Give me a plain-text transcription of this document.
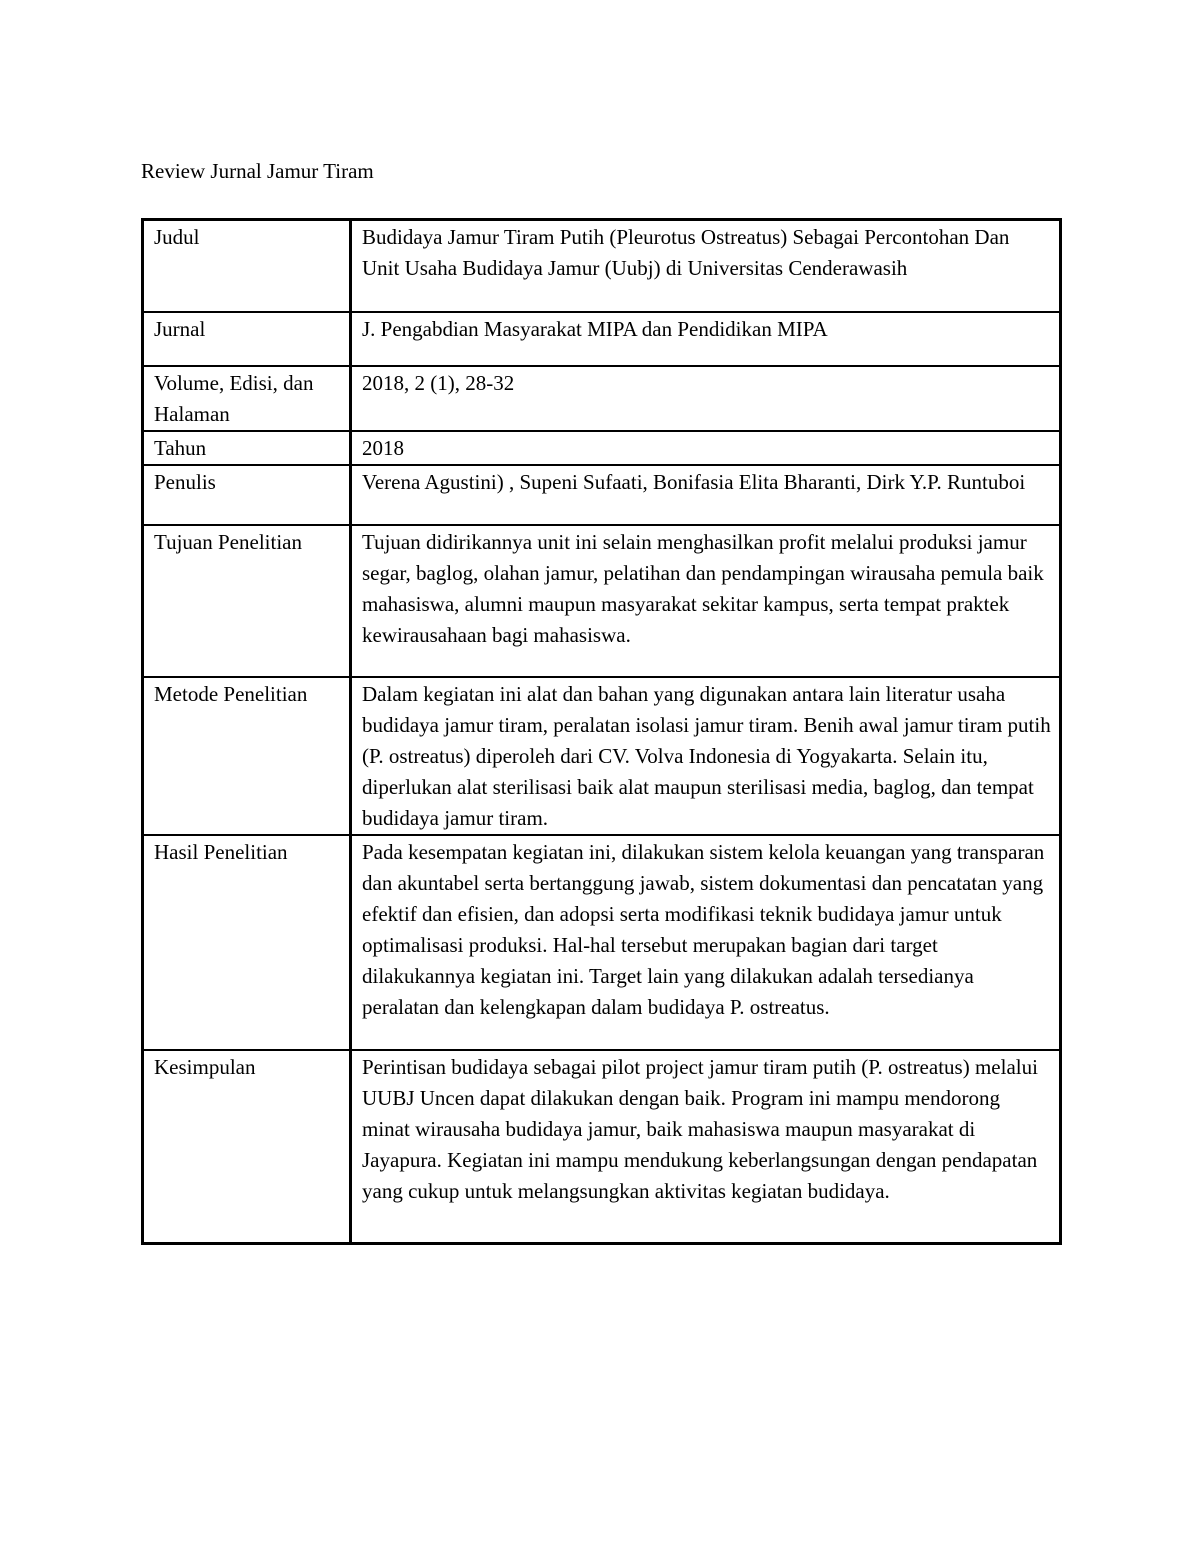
Review Jurnal Jamur Tiram
Judul	Budidaya Jamur Tiram Putih (Pleurotus Ostreatus) Sebagai Percontohan Dan Unit Usaha Budidaya Jamur (Uubj) di Universitas Cenderawasih

Jurnal	J. Pengabdian Masyarakat MIPA dan Pendidikan MIPA

Volume, Edisi, dan Halaman	2018, 2 (1), 28-32

Tahun	2018

Penulis	Verena Agustini) , Supeni Sufaati, Bonifasia Elita Bharanti, Dirk Y.P. Runtuboi

Tujuan Penelitian	Tujuan didirikannya unit ini selain menghasilkan profit melalui produksi jamur segar, baglog, olahan jamur, pelatihan dan pendampingan wirausaha pemula baik mahasiswa, alumni maupun masyarakat sekitar kampus, serta tempat praktek kewirausahaan bagi mahasiswa.

Metode Penelitian	Dalam kegiatan ini alat dan bahan yang digunakan antara lain literatur usaha budidaya jamur tiram, peralatan isolasi jamur tiram. Benih awal jamur tiram putih (P. ostreatus) diperoleh dari CV. Volva Indonesia di Yogyakarta. Selain itu, diperlukan alat sterilisasi baik alat maupun sterilisasi media, baglog, dan tempat budidaya jamur tiram.

Hasil Penelitian	Pada kesempatan kegiatan ini, dilakukan sistem kelola keuangan yang transparan dan akuntabel serta bertanggung jawab, sistem dokumentasi dan pencatatan yang efektif dan efisien, dan adopsi serta modifikasi teknik budidaya jamur untuk optimalisasi produksi. Hal-hal tersebut merupakan bagian dari target dilakukannya kegiatan ini. Target lain yang dilakukan adalah tersedianya peralatan dan kelengkapan dalam budidaya P. ostreatus.

Kesimpulan	Perintisan budidaya sebagai pilot project jamur tiram putih (P. ostreatus) melalui UUBJ Uncen dapat dilakukan dengan baik. Program ini mampu mendorong minat wirausaha budidaya jamur, baik mahasiswa maupun masyarakat di Jayapura. Kegiatan ini mampu mendukung keberlangsungan dengan pendapatan yang cukup untuk melangsungkan aktivitas kegiatan budidaya.
